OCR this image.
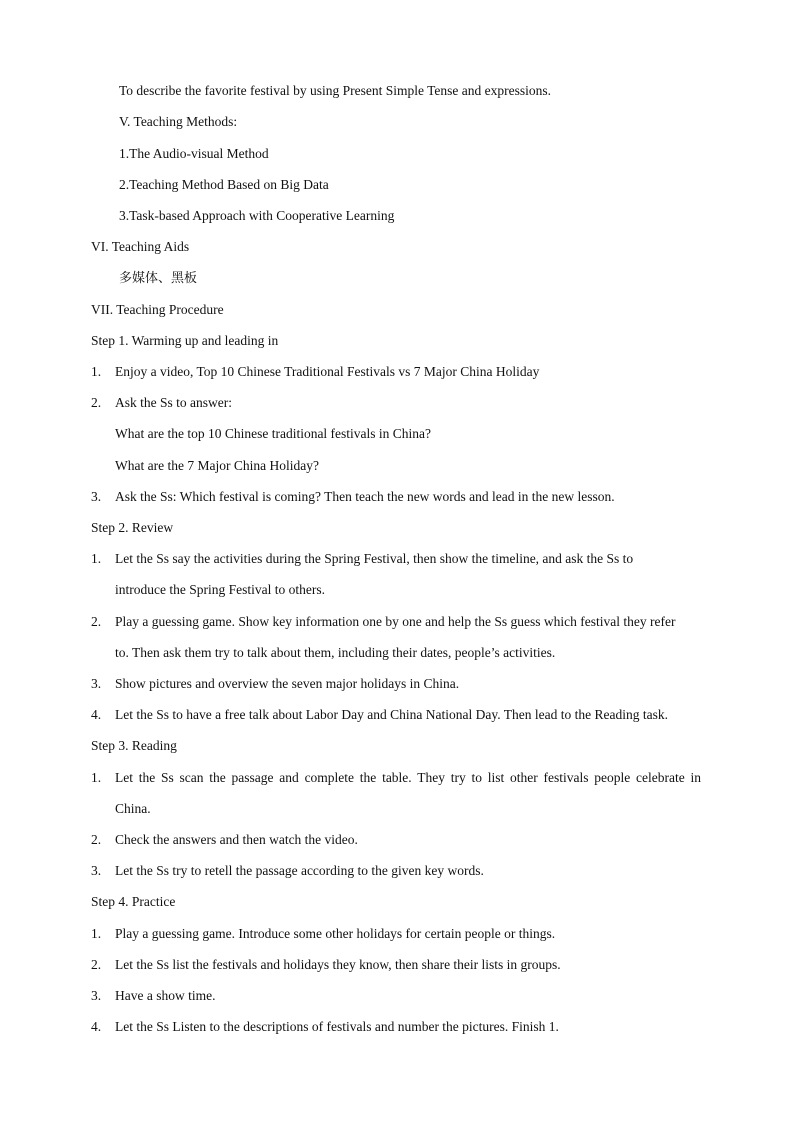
To describe the favorite festival by using Present Simple Tense and expressions.
V. Teaching Methods:
1.The Audio-visual Method
2.Teaching Method Based on Big Data
3.Task-based Approach with Cooperative Learning
VI. Teaching Aids
多媒体、黑板
VII. Teaching Procedure
Step 1. Warming up and leading in
1.	Enjoy a video, Top 10 Chinese Traditional Festivals vs 7 Major China Holiday
2.	Ask the Ss to answer:
What are the top 10 Chinese traditional festivals in China?
What are the 7 Major China Holiday?
3.	Ask the Ss: Which festival is coming? Then teach the new words and lead in the new lesson.
Step 2. Review
1.	Let the Ss say the activities during the Spring Festival, then show the timeline, and ask the Ss to
introduce the Spring Festival to others.
2.	Play a guessing game. Show key information one by one and help the Ss guess which festival they refer
to. Then ask them try to talk about them, including their dates, people’s activities.
3.	Show pictures and overview the seven major holidays in China.
4.	Let the Ss to have a free talk about Labor Day and China National Day. Then lead to the Reading task.
Step 3. Reading
1.	Let the Ss scan the passage and complete the table. They try to list other festivals people celebrate in
China.
2.	Check the answers and then watch the video.
3.	Let the Ss try to retell the passage according to the given key words.
Step 4. Practice
1.	Play a guessing game. Introduce some other holidays for certain people or things.
2.	Let the Ss list the festivals and holidays they know, then share their lists in groups.
3.	Have a show time.
4.	Let the Ss Listen to the descriptions of festivals and number the pictures. Finish 1.
